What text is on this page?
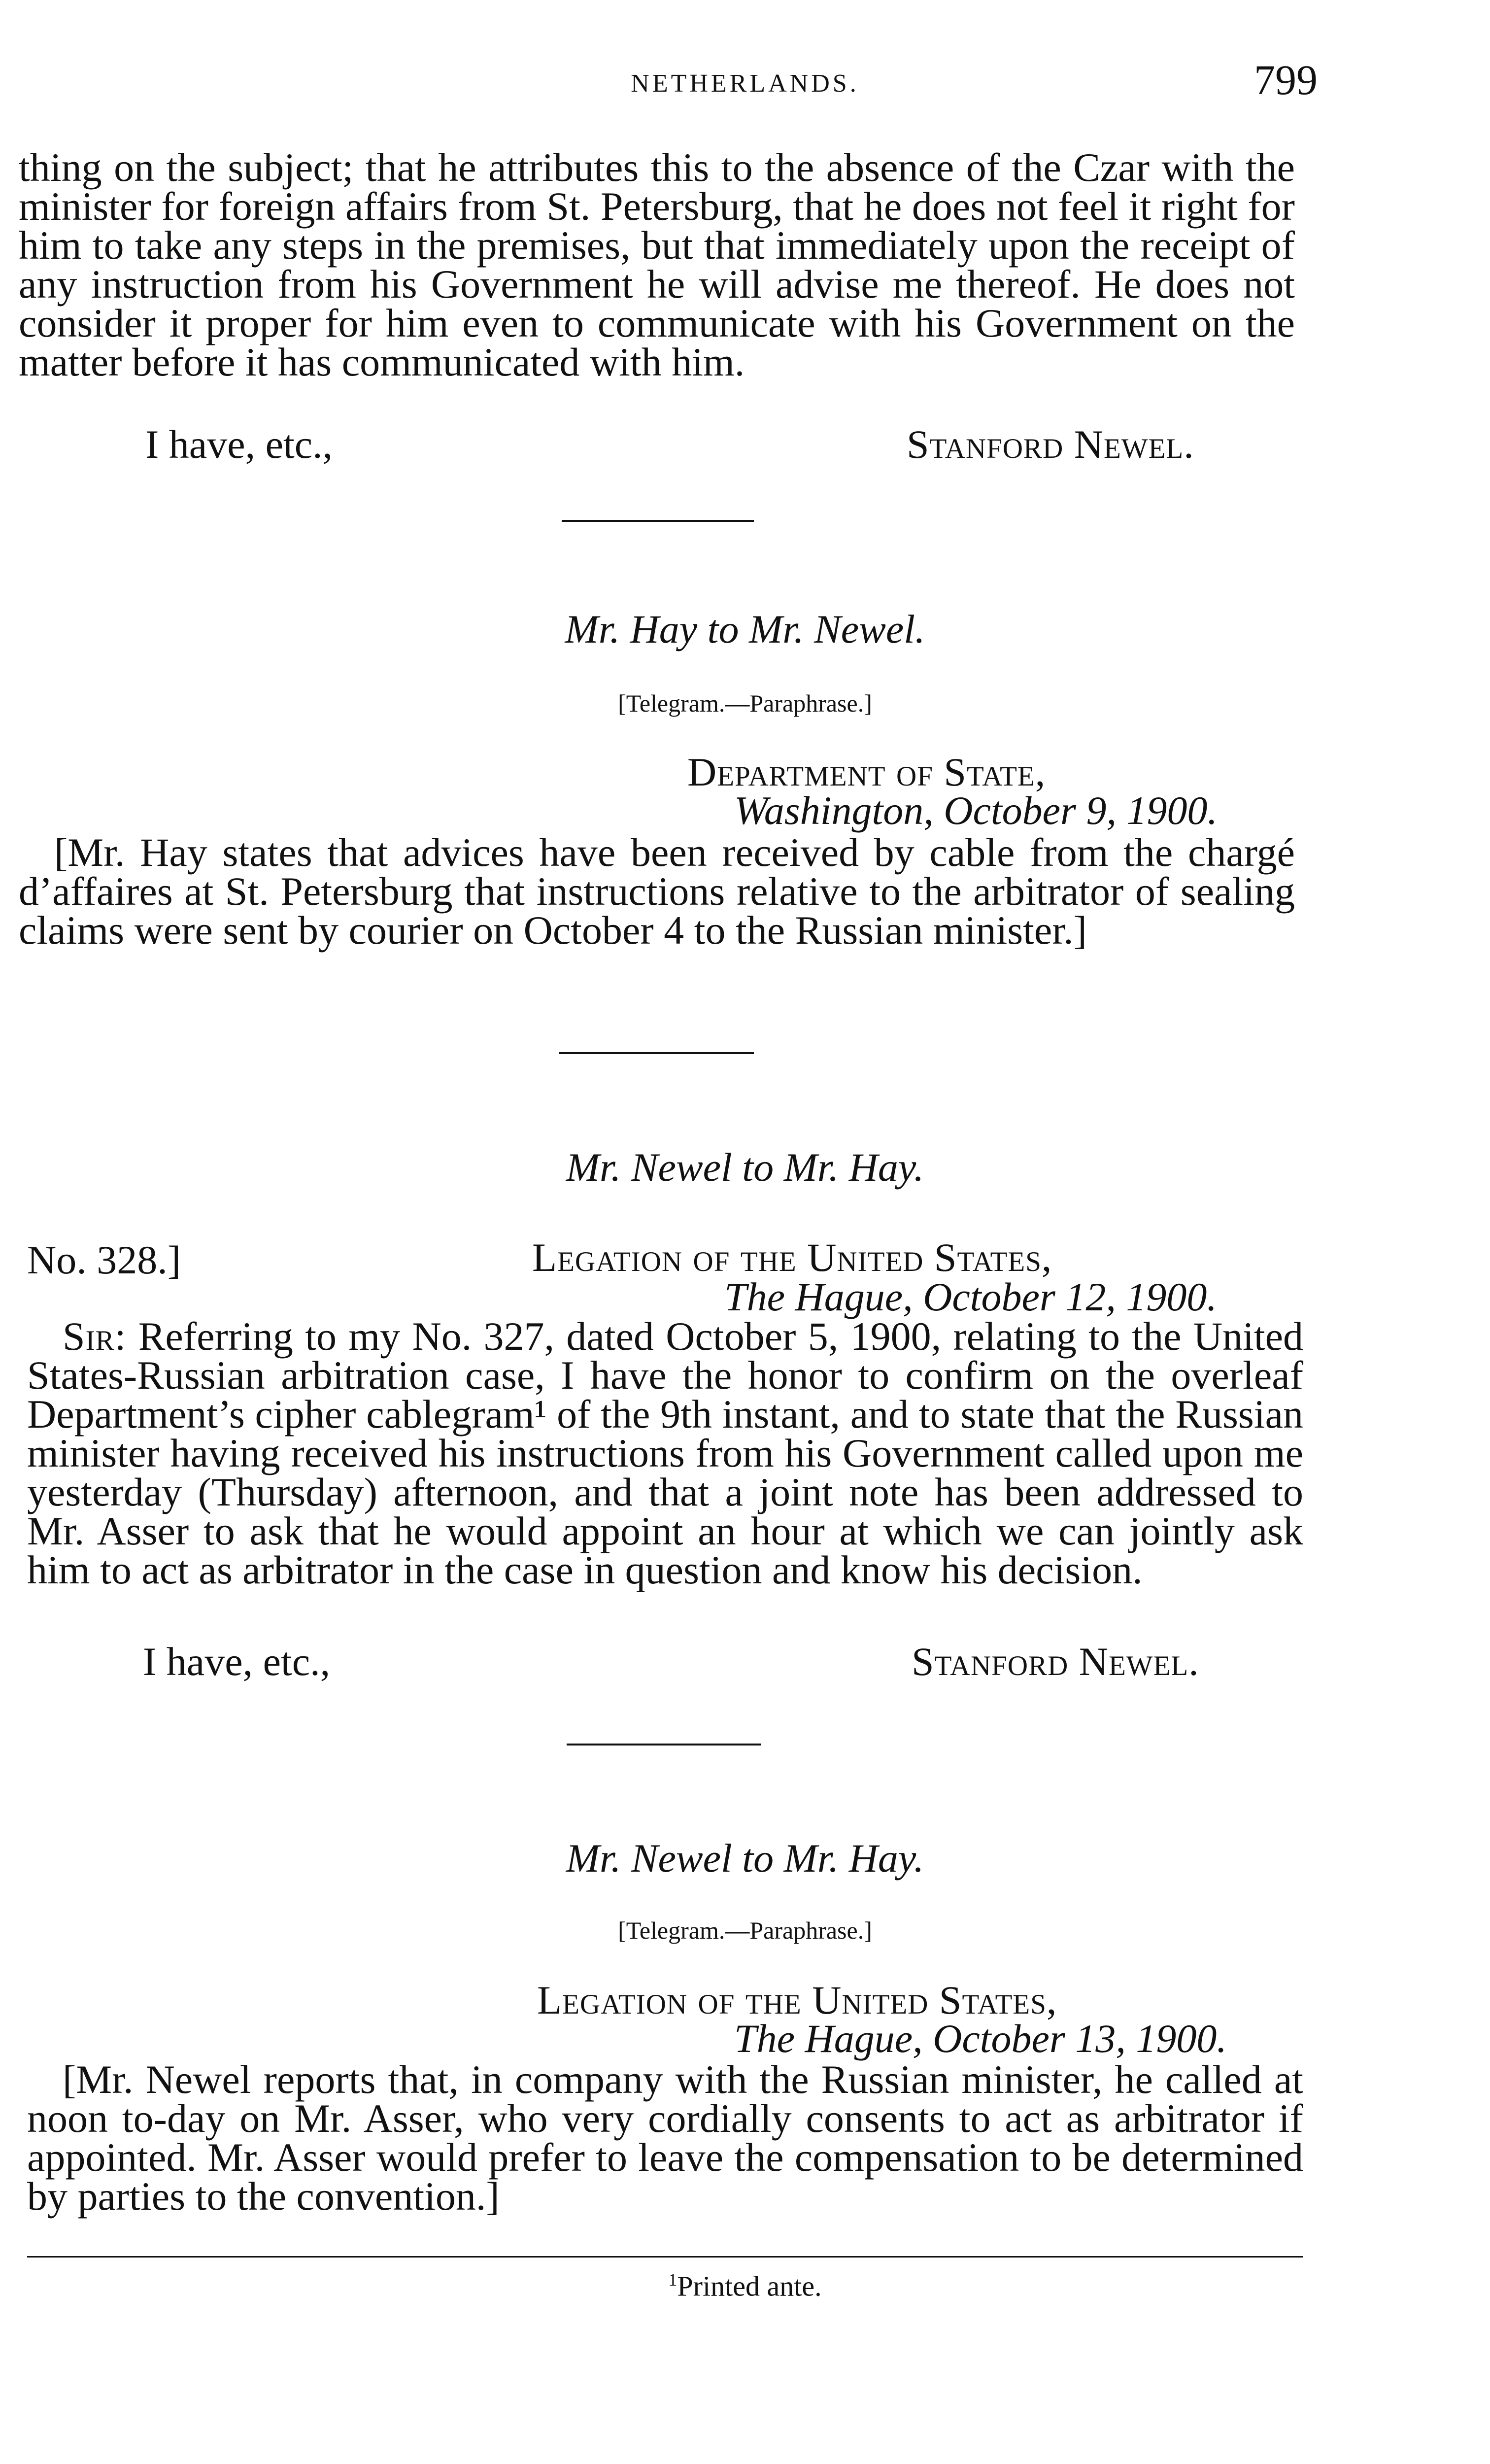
NETHERLANDS.	799

thing on the subject; that he attributes this to the absence of the Czar with the minister for foreign affairs from St. Petersburg, that he does not feel it right for him to take any steps in the premises, but that immediately upon the receipt of any instruction from his Government he will advise me thereof. He does not consider it proper for him even to communicate with his Government on the matter before it has communicated with him.

I have, etc.,	Stanford Newel.
Mr. Hay to Mr. Newel.
[Telegram.—Paraphrase.]
Department of State,
Washington, October 9, 1900.

[Mr. Hay states that advices have been received by cable from the chargé d’affaires at St. Petersburg that instructions relative to the arbitrator of sealing claims were sent by courier on October 4 to the Russian minister.]

Mr. Newel to Mr. Hay.
No. 328.]	Legation of the United States,
The Hague, October 12, 1900.

Sir: Referring to my No. 327, dated October 5, 1900, relating to the United States-Russian arbitration case, I have the honor to confirm on the overleaf Department’s cipher cablegram¹ of the 9th instant, and to state that the Russian minister having received his instructions from his Government called upon me yesterday (Thursday) afternoon, and that a joint note has been addressed to Mr. Asser to ask that he would appoint an hour at which we can jointly ask him to act as arbitrator in the case in question and know his decision.

I have, etc.,	Stanford Newel.
Mr. Newel to Mr. Hay.
[Telegram.—Paraphrase.]
Legation of the United States,
The Hague, October 13, 1900.

[Mr. Newel reports that, in company with the Russian minister, he called at noon to-day on Mr. Asser, who very cordially consents to act as arbitrator if appointed. Mr. Asser would prefer to leave the compensation to be determined by parties to the convention.]

$^1$Printed ante.
